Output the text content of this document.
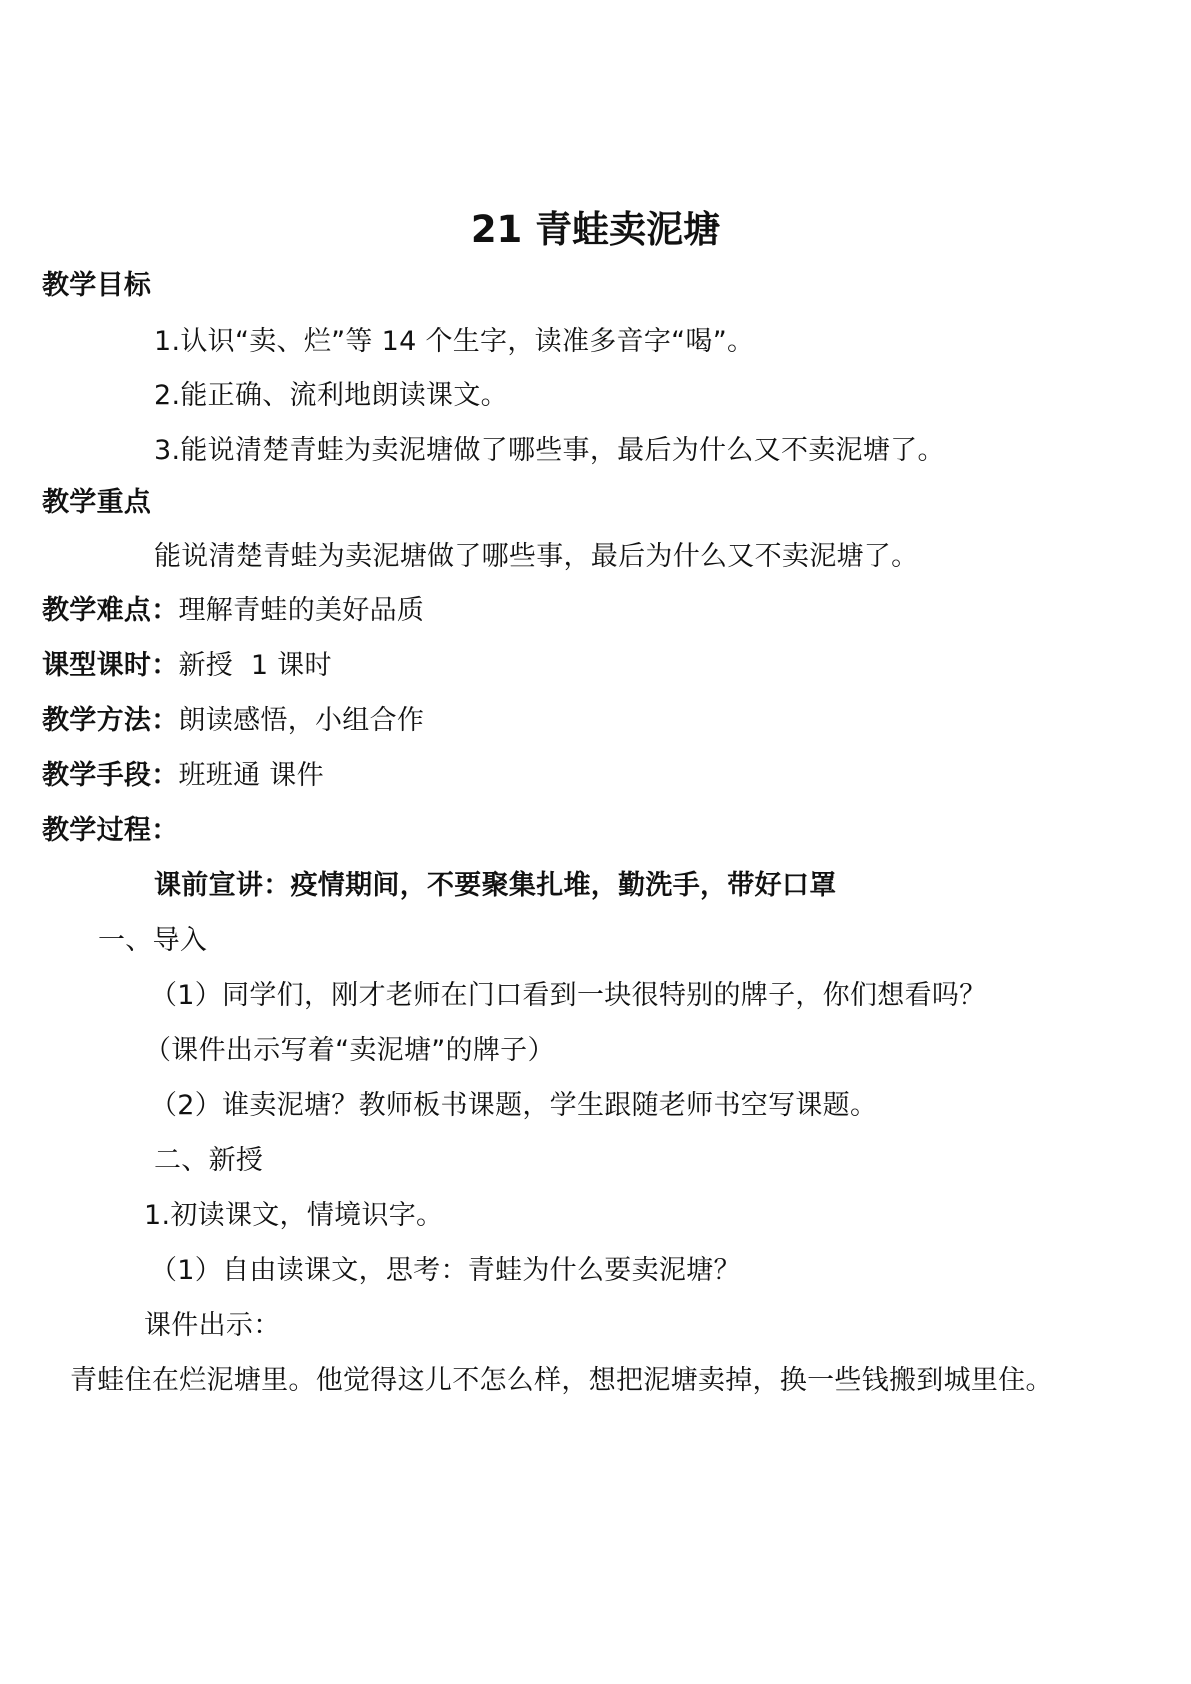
21 青蛙卖泥塘
教学目标
1.认识“卖、烂”等 14 个生字，读准多音字“喝”。
2.能正确、流利地朗读课文。
3.能说清楚青蛙为卖泥塘做了哪些事，最后为什么又不卖泥塘了。
教学重点
能说清楚青蛙为卖泥塘做了哪些事，最后为什么又不卖泥塘了。
教学难点：理解青蛙的美好品质
课型课时：新授  1 课时
教学方法：朗读感悟，小组合作
教学手段：班班通 课件
教学过程：
课前宣讲：疫情期间，不要聚集扎堆，勤洗手，带好口罩
一、导入
（1）同学们，刚才老师在门口看到一块很特别的牌子，你们想看吗？
（课件出示写着“卖泥塘”的牌子）
（2）谁卖泥塘？教师板书课题，学生跟随老师书空写课题。
二、新授
1.初读课文，情境识字。
（1）自由读课文，思考：青蛙为什么要卖泥塘？
课件出示：
青蛙住在烂泥塘里。他觉得这儿不怎么样，想把泥塘卖掉，换一些钱搬到城里住。
